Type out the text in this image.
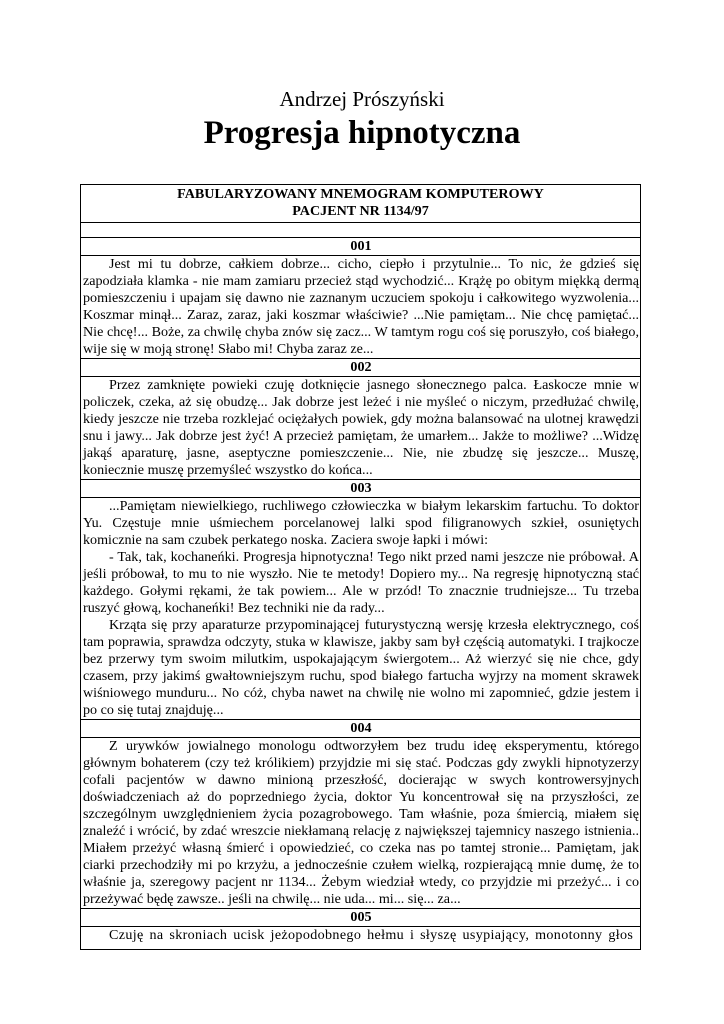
Andrzej Prószyński
Progresja hipnotyczna
FABULARYZOWANY MNEMOGRAM KOMPUTEROWY
PACJENT NR 1134/97

001

Jest mi tu dobrze, całkiem dobrze... cicho, ciepło i przytulnie... To nic, że gdzieś się zapodziała klamka - nie mam zamiaru przecież stąd wychodzić... Krążę po obitym miękką dermą pomieszczeniu i upajam się dawno nie zaznanym uczuciem spokoju i całkowitego wyzwolenia... Koszmar minął... Zaraz, zaraz, jaki koszmar właściwie? ...Nie pamiętam... Nie chcę pamiętać... Nie chcę!... Boże, za chwilę chyba znów się zacz... W tamtym rogu coś się poruszyło, coś białego, wije się w moją stronę! Słabo mi! Chyba zaraz ze...

002

Przez zamknięte powieki czuję dotknięcie jasnego słonecznego palca. Łaskocze mnie w policzek, czeka, aż się obudzę... Jak dobrze jest leżeć i nie myśleć o niczym, przedłużać chwilę, kiedy jeszcze nie trzeba rozklejać ociężałych powiek, gdy można balansować na ulotnej krawędzi snu i jawy... Jak dobrze jest żyć! A przecież pamiętam, że umarłem... Jakże to możliwe? ...Widzę jakąś aparaturę, jasne, aseptyczne pomieszczenie... Nie, nie zbudzę się jeszcze... Muszę, koniecznie muszę przemyśleć wszystko do końca...

003

...Pamiętam niewielkiego, ruchliwego człowieczka w białym lekarskim fartuchu. To doktor Yu. Częstuje mnie uśmiechem porcelanowej lalki spod filigranowych szkieł, osuniętych komicznie na sam czubek perkatego noska. Zaciera swoje łapki i mówi:

- Tak, tak, kochaneńki. Progresja hipnotyczna! Tego nikt przed nami jeszcze nie próbował. A jeśli próbował, to mu to nie wyszło. Nie te metody! Dopiero my... Na regresję hipnotyczną stać każdego. Gołymi rękami, że tak powiem... Ale w przód! To znacznie trudniejsze... Tu trzeba ruszyć głową, kochaneńki! Bez techniki nie da rady...

Krząta się przy aparaturze przypominającej futurystyczną wersję krzesła elektrycznego, coś tam poprawia, sprawdza odczyty, stuka w klawisze, jakby sam był częścią automatyki. I trajkocze bez przerwy tym swoim milutkim, uspokajającym świergotem... Aż wierzyć się nie chce, gdy czasem, przy jakimś gwałtowniejszym ruchu, spod białego fartucha wyjrzy na moment skrawek wiśniowego munduru... No cóż, chyba nawet na chwilę nie wolno mi zapomnieć, gdzie jestem i po co się tutaj znajduję...

004

Z urywków jowialnego monologu odtworzyłem bez trudu ideę eksperymentu, którego głównym bohaterem (czy też królikiem) przyjdzie mi się stać. Podczas gdy zwykli hipnotyzerzy cofali pacjentów w dawno minioną przeszłość, docierając w swych kontrowersyjnych doświadczeniach aż do poprzedniego życia, doktor Yu koncentrował się na przyszłości, ze szczególnym uwzględnieniem życia pozagrobowego. Tam właśnie, poza śmiercią, miałem się znaleźć i wrócić, by zdać wreszcie niekłamaną relację z największej tajemnicy naszego istnienia.. Miałem przeżyć własną śmierć i opowiedzieć, co czeka nas po tamtej stronie... Pamiętam, jak ciarki przechodziły mi po krzyżu, a jednocześnie czułem wielką, rozpierającą mnie dumę, że to właśnie ja, szeregowy pacjent nr 1134... Żebym wiedział wtedy, co przyjdzie mi przeżyć... i co przeżywać będę zawsze.. jeśli na chwilę... nie uda... mi... się... za...

005

Czuję na skroniach ucisk jeżopodobnego hełmu i słyszę usypiający, monotonny głos
